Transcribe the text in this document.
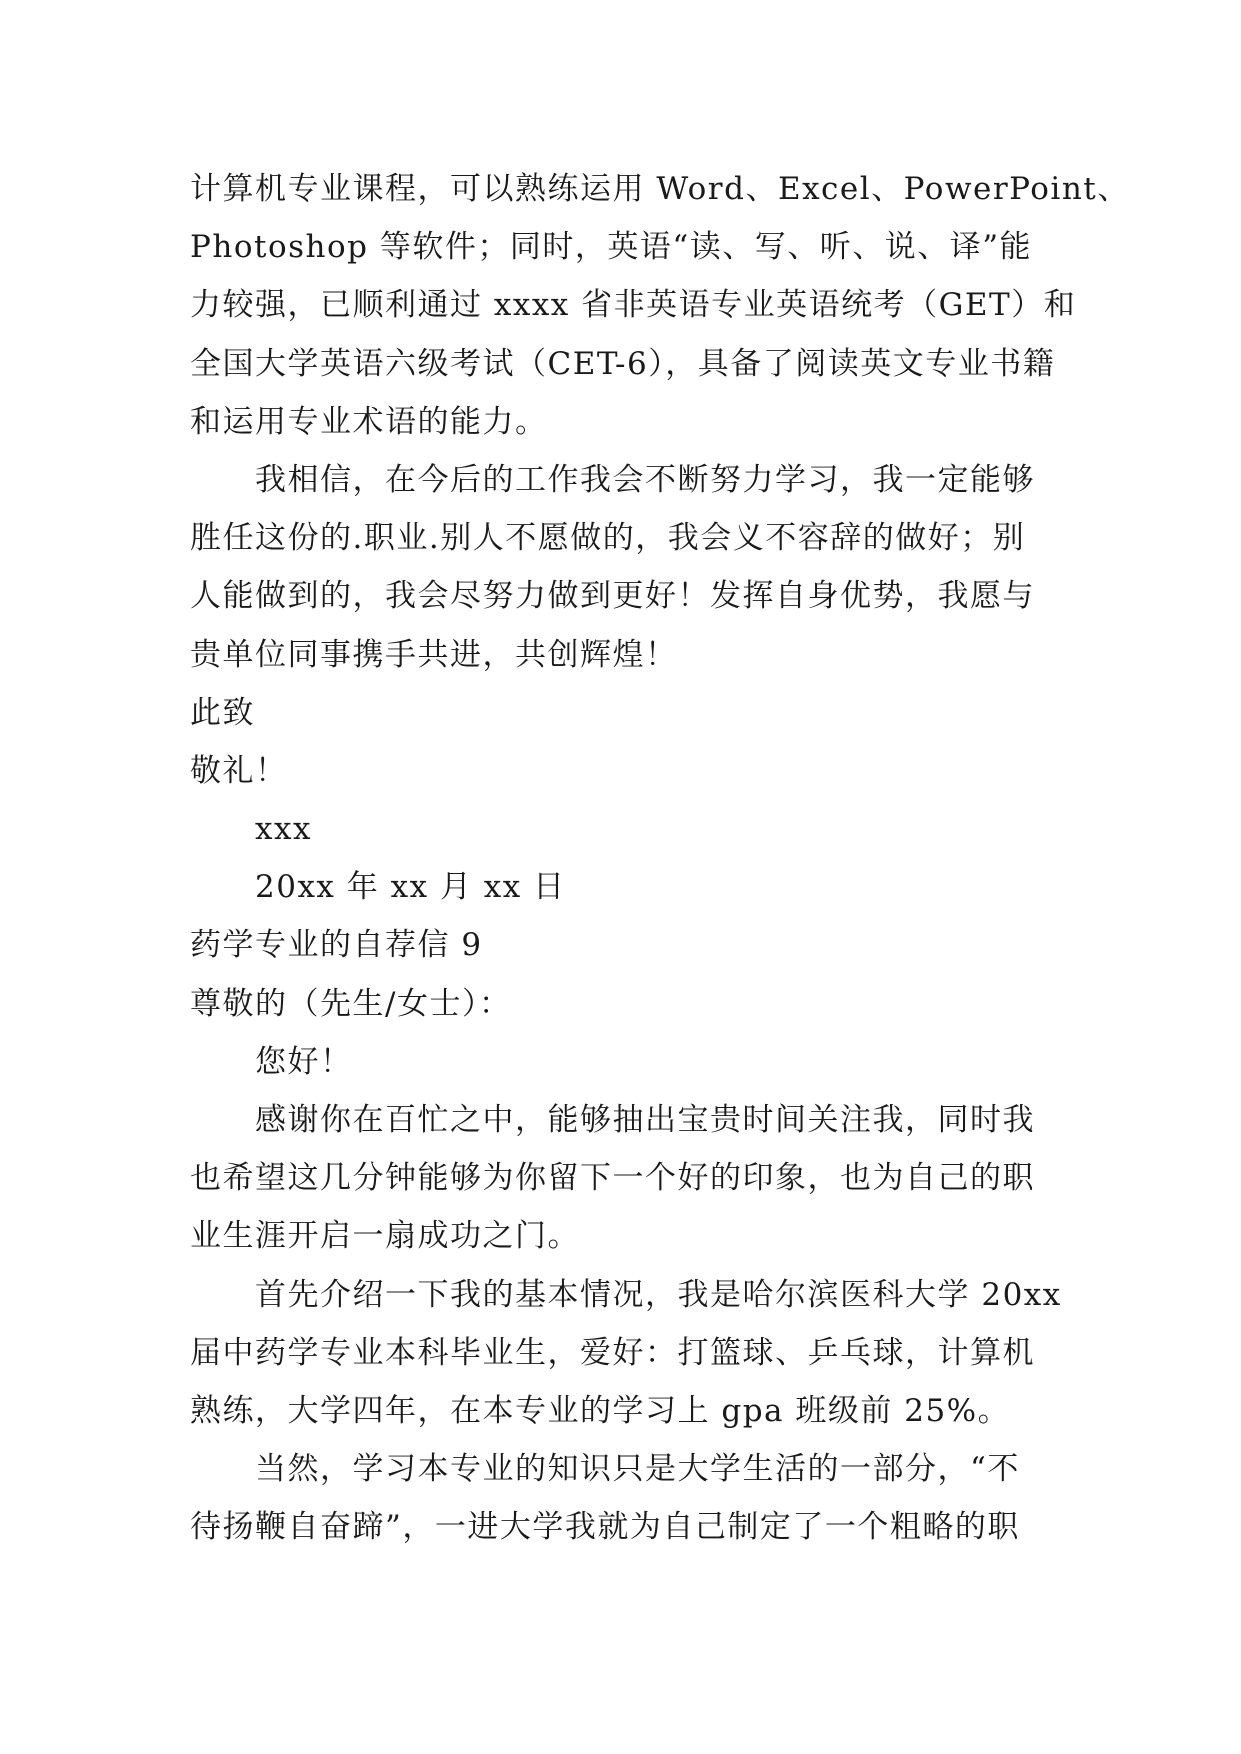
计算机专业课程，可以熟练运用 Word、Excel、PowerPoint、
Photoshop 等软件；同时，英语“读、写、听、说、译”能
力较强，已顺利通过 xxxx 省非英语专业英语统考（GET）和
全国大学英语六级考试（CET-6），具备了阅读英文专业书籍
和运用专业术语的能力。
我相信，在今后的工作我会不断努力学习，我一定能够
胜任这份的.职业.别人不愿做的，我会义不容辞的做好；别
人能做到的，我会尽努力做到更好！发挥自身优势，我愿与
贵单位同事携手共进，共创辉煌！
此致
敬礼！
xxx
20xx 年 xx 月 xx 日
药学专业的自荐信 9
尊敬的（先生/女士）：
您好！
感谢你在百忙之中，能够抽出宝贵时间关注我，同时我
也希望这几分钟能够为你留下一个好的印象，也为自己的职
业生涯开启一扇成功之门。
首先介绍一下我的基本情况，我是哈尔滨医科大学 20xx
届中药学专业本科毕业生，爱好：打篮球、乒乓球，计算机
熟练，大学四年，在本专业的学习上 gpa 班级前 25%。
当然，学习本专业的知识只是大学生活的一部分，“不
待扬鞭自奋蹄”，一进大学我就为自己制定了一个粗略的职
